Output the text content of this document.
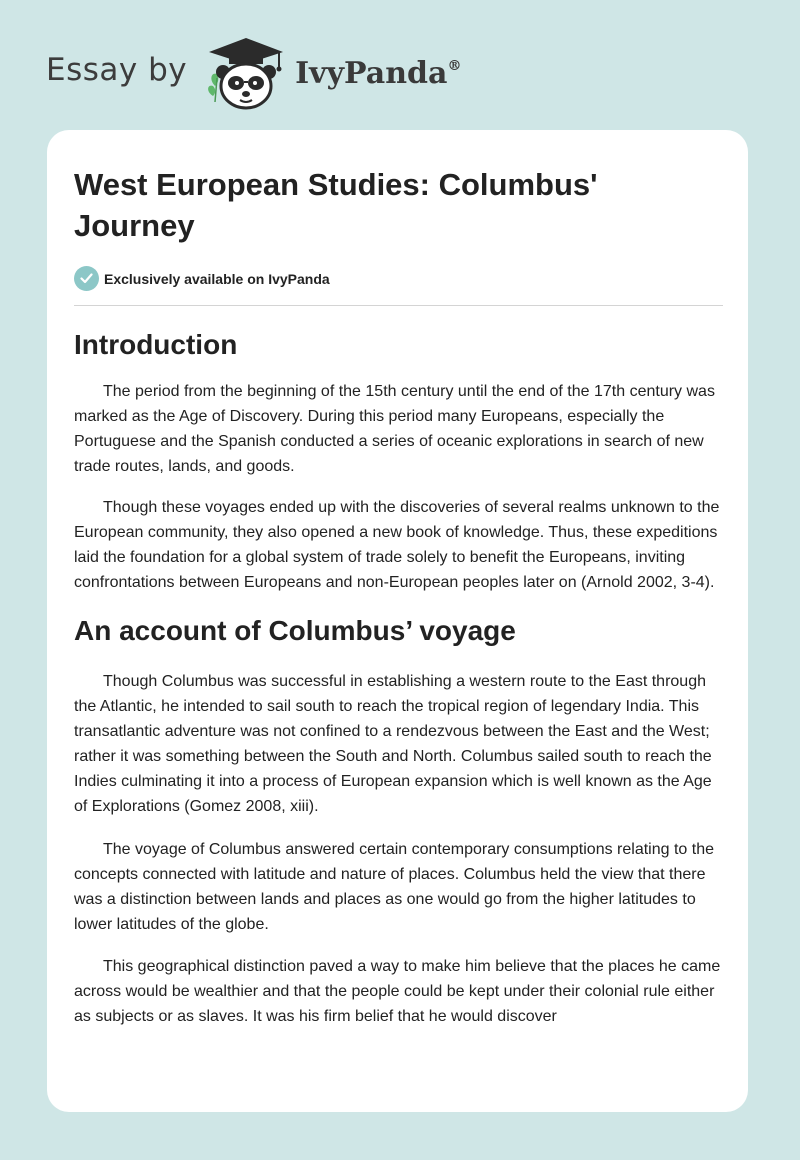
Essay by	IvyPanda®
West European Studies: Columbus' Journey
Exclusively available on IvyPanda
Introduction

The period from the beginning of the 15th century until the end of the 17th century was marked as the Age of Discovery. During this period many Europeans, especially the Portuguese and the Spanish conducted a series of oceanic explorations in search of new trade routes, lands, and goods.

Though these voyages ended up with the discoveries of several realms unknown to the European community, they also opened a new book of knowledge. Thus, these expeditions laid the foundation for a global system of trade solely to benefit the Europeans, inviting confrontations between Europeans and non-European peoples later on (Arnold 2002, 3-4).

An account of Columbus’ voyage

Though Columbus was successful in establishing a western route to the East through the Atlantic, he intended to sail south to reach the tropical region of legendary India. This transatlantic adventure was not confined to a rendezvous between the East and the West; rather it was something between the South and North. Columbus sailed south to reach the Indies culminating it into a process of European expansion which is well known as the Age of Explorations (Gomez 2008, xiii).

The voyage of Columbus answered certain contemporary consumptions relating to the concepts connected with latitude and nature of places. Columbus held the view that there was a distinction between lands and places as one would go from the higher latitudes to lower latitudes of the globe.

This geographical distinction paved a way to make him believe that the places he came across would be wealthier and that the people could be kept under their colonial rule either as subjects or as slaves. It was his firm belief that he would discover
